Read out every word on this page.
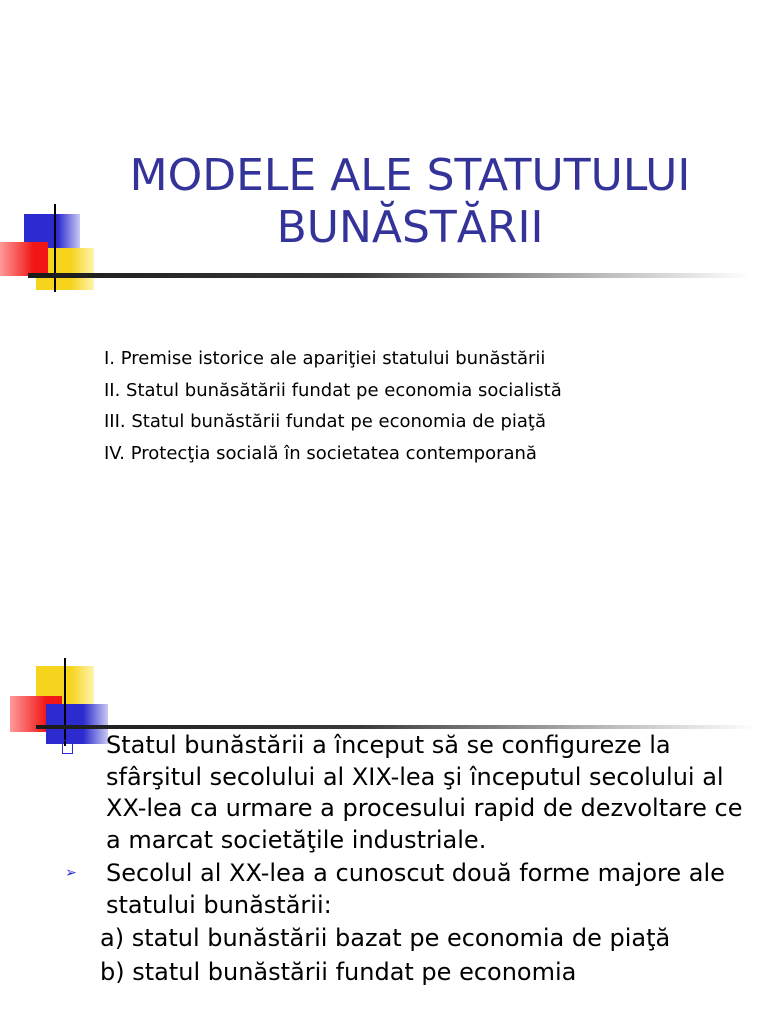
MODELE ALE STATUTULUI
BUNĂSTĂRII
I. Premise istorice ale apariţiei statului bunăstării
II. Statul bunăsătării fundat pe economia socialistă
III. Statul bunăstării fundat pe economia de piaţă
IV. Protecţia socială în societatea contemporană
Statul bunăstării a început să se configureze la sfârşitul secolului al XIX-lea şi începutul secolului al XX-lea ca urmare a procesului rapid de dezvoltare ce a marcat societăţile industriale.
➢	Secolul al XX-lea a cunoscut două forme majore ale statului bunăstării:
a) statul bunăstării bazat pe economia de piaţă
b) statul bunăstării fundat pe economia
